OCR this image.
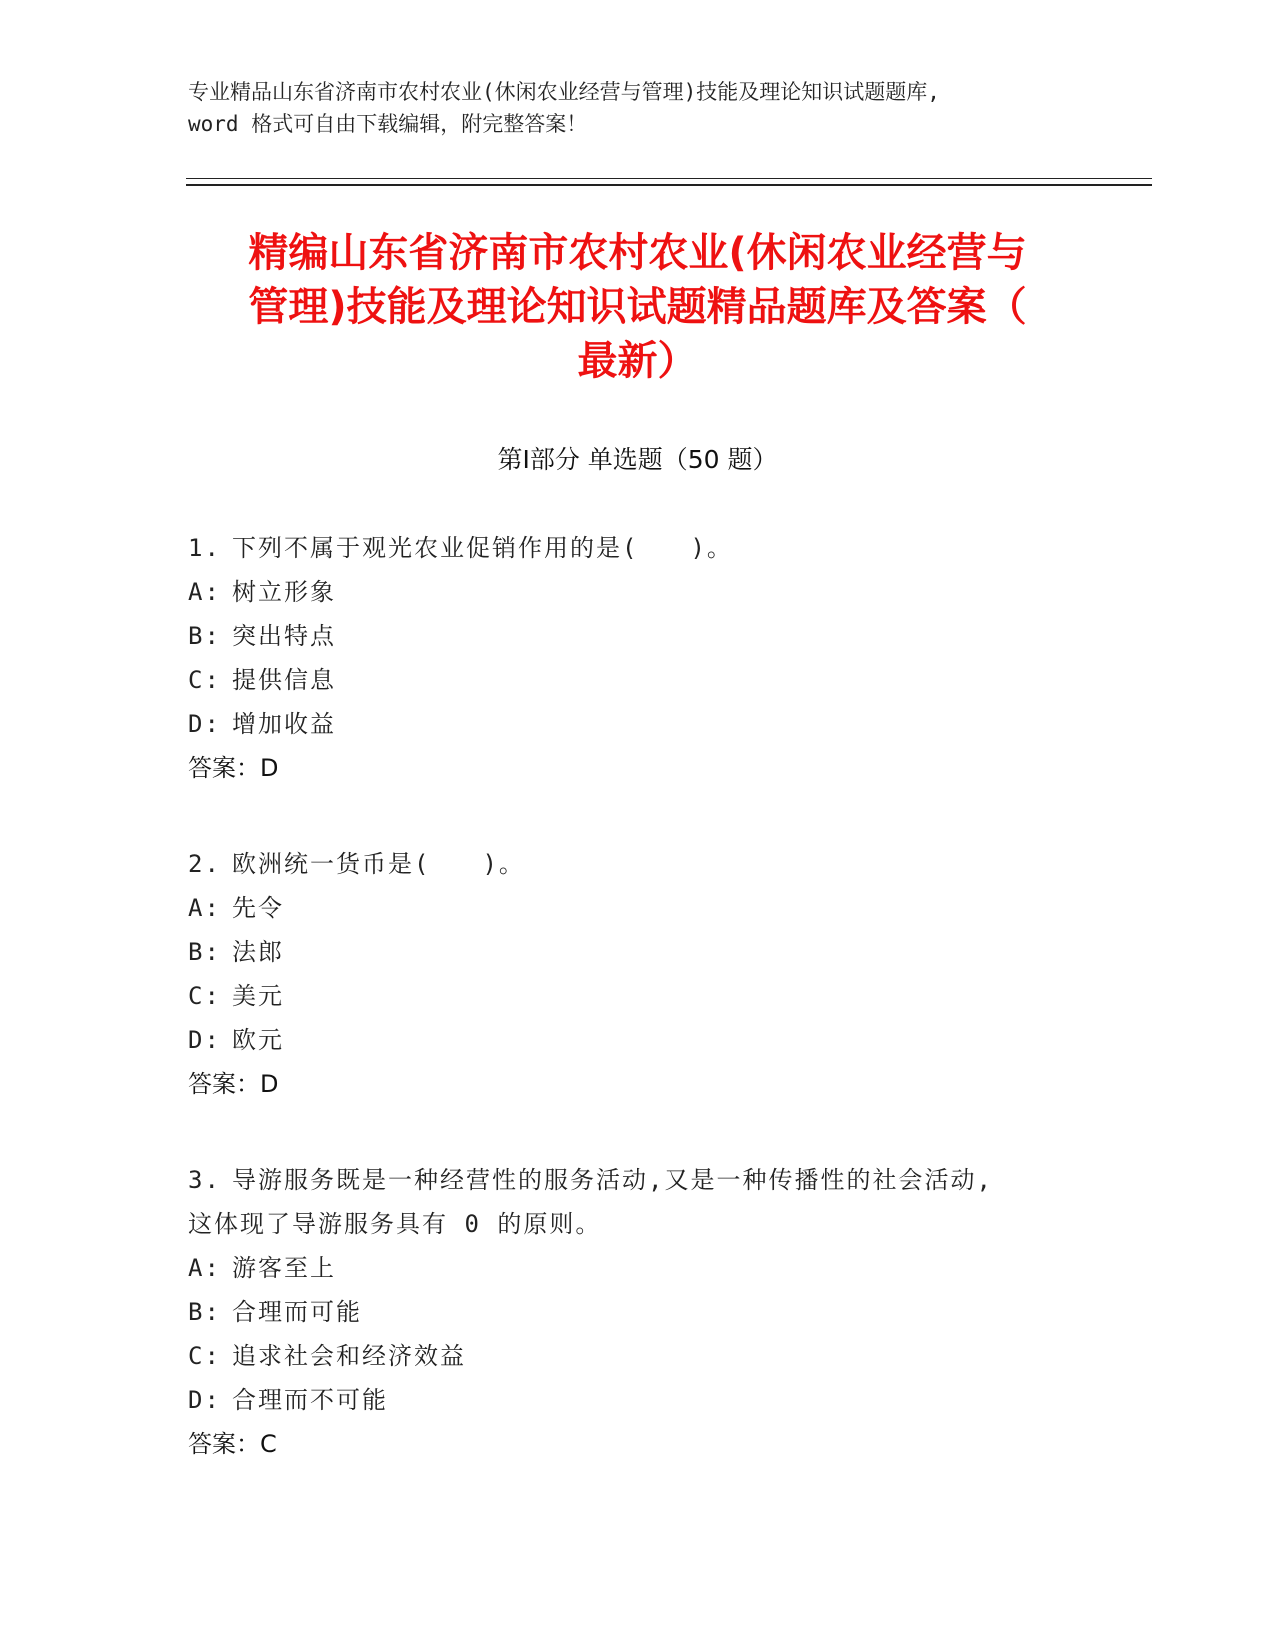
专业精品山东省济南市农村农业(休闲农业经营与管理)技能及理论知识试题题库,
word 格式可自由下载编辑，附完整答案！
精编山东省济南市农村农业(休闲农业经营与
管理)技能及理论知识试题精品题库及答案（
最新）
第Ⅰ部分 单选题（50 题）
1. 下列不属于观光农业促销作用的是(　　)。
A: 树立形象
B: 突出特点
C: 提供信息
D: 增加收益
答案：D
2. 欧洲统一货币是(　　)。
A: 先令
B: 法郎
C: 美元
D: 欧元
答案：D
3. 导游服务既是一种经营性的服务活动,又是一种传播性的社会活动,
这体现了导游服务具有 0 的原则。
A: 游客至上
B: 合理而可能
C: 追求社会和经济效益
D: 合理而不可能
答案：C
